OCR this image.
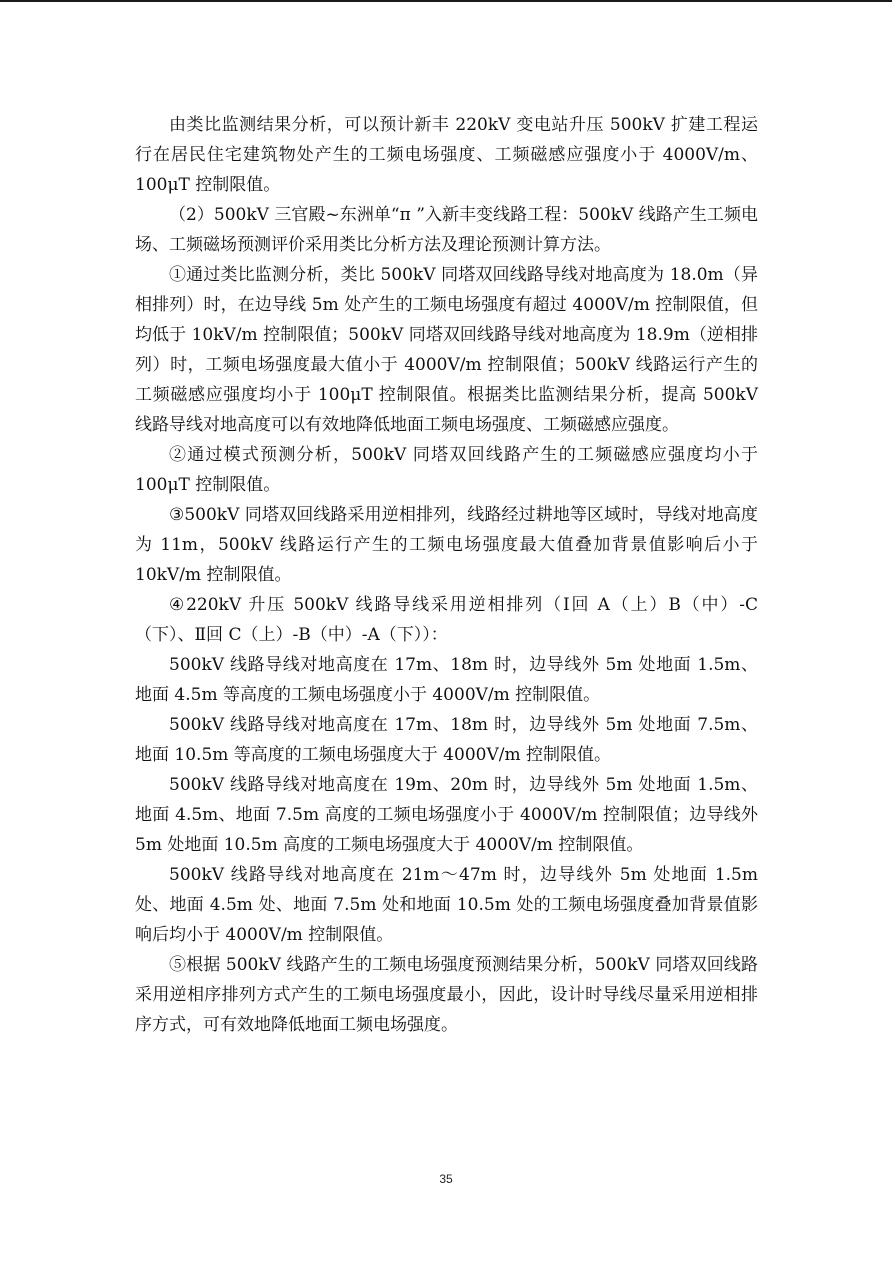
由类比监测结果分析，可以预计新丰 220kV 变电站升压 500kV 扩建工程运行在居民住宅建筑物处产生的工频电场强度、工频磁感应强度小于 4000V/m、100μT 控制限值。

（2）500kV 三官殿~东洲单“π ”入新丰变线路工程：500kV 线路产生工频电场、工频磁场预测评价采用类比分析方法及理论预测计算方法。

①通过类比监测分析，类比 500kV 同塔双回线路导线对地高度为 18.0m（异相排列）时，在边导线 5m 处产生的工频电场强度有超过 4000V/m 控制限值，但均低于 10kV/m 控制限值；500kV 同塔双回线路导线对地高度为 18.9m（逆相排列）时，工频电场强度最大值小于 4000V/m 控制限值；500kV 线路运行产生的工频磁感应强度均小于 100μT 控制限值。根据类比监测结果分析，提高 500kV 线路导线对地高度可以有效地降低地面工频电场强度、工频磁感应强度。

②通过模式预测分析，500kV 同塔双回线路产生的工频磁感应强度均小于 100μT 控制限值。

③500kV 同塔双回线路采用逆相排列，线路经过耕地等区域时，导线对地高度为 11m，500kV 线路运行产生的工频电场强度最大值叠加背景值影响后小于 10kV/m 控制限值。

④220kV 升压 500kV 线路导线采用逆相排列（Ⅰ回 A（上）B（中）-C（下）、Ⅱ回 C（上）-B（中）-A（下））：

500kV 线路导线对地高度在 17m、18m 时，边导线外 5m 处地面 1.5m、地面 4.5m 等高度的工频电场强度小于 4000V/m 控制限值。

500kV 线路导线对地高度在 17m、18m 时，边导线外 5m 处地面 7.5m、地面 10.5m 等高度的工频电场强度大于 4000V/m 控制限值。

500kV 线路导线对地高度在 19m、20m 时，边导线外 5m 处地面 1.5m、地面 4.5m、地面 7.5m 高度的工频电场强度小于 4000V/m 控制限值；边导线外 5m 处地面 10.5m 高度的工频电场强度大于 4000V/m 控制限值。

500kV 线路导线对地高度在 21m～47m 时，边导线外 5m 处地面 1.5m 处、地面 4.5m 处、地面 7.5m 处和地面 10.5m 处的工频电场强度叠加背景值影响后均小于 4000V/m 控制限值。

⑤根据 500kV 线路产生的工频电场强度预测结果分析，500kV 同塔双回线路采用逆相序排列方式产生的工频电场强度最小，因此，设计时导线尽量采用逆相排序方式，可有效地降低地面工频电场强度。

35
